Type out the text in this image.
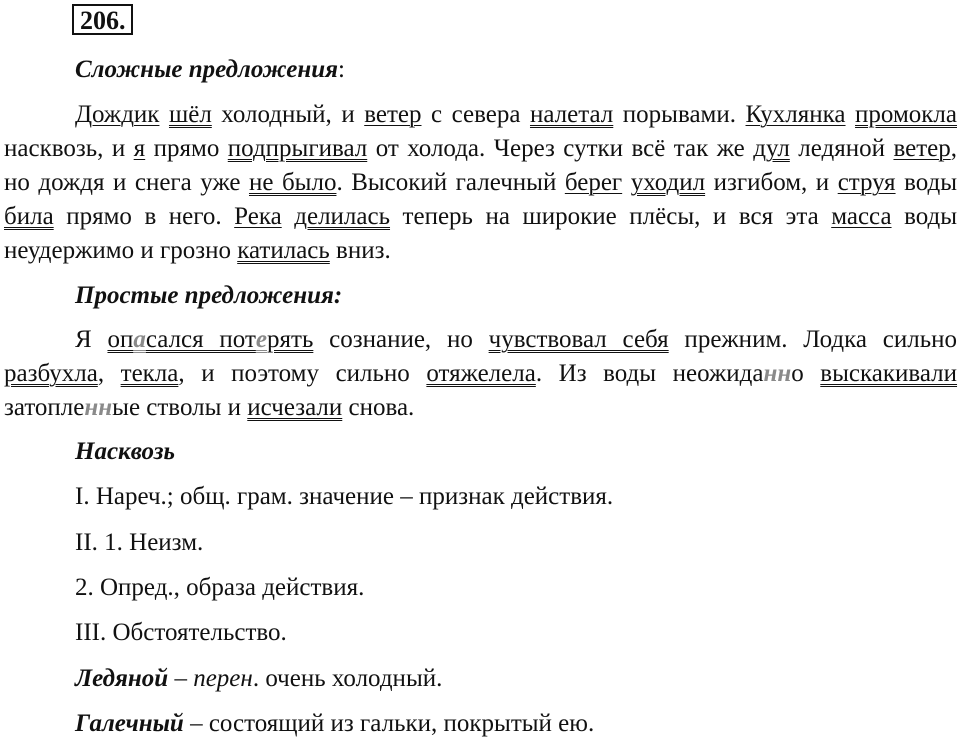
206.
Сложные предложения:

Дождик шёл холодный, и ветер с севера налетал порывами. Кухлянка промокла насквозь, и я прямо подпрыгивал от холода. Через сутки всё так же дул ледяной ветер, но дождя и снега уже не было. Высокий галечный берег уходил изгибом, и струя воды била прямо в него. Река делилась теперь на широкие плёсы, и вся эта масса воды неудержимо и грозно катилась вниз.

Простые предложения:

Я опасался потерять сознание, но чувствовал себя прежним. Лодка сильно разбухла, текла, и поэтому сильно отяжелела. Из воды неожиданно выскакивали затопленные стволы и исчезали снова.

Насквозь
I. Нареч.; общ. грам. значение – признак действия.
II. 1. Неизм.
2. Опред., образа действия.
III. Обстоятельство.
Ледяной – перен. очень холодный.
Галечный – состоящий из гальки, покрытый ею.
